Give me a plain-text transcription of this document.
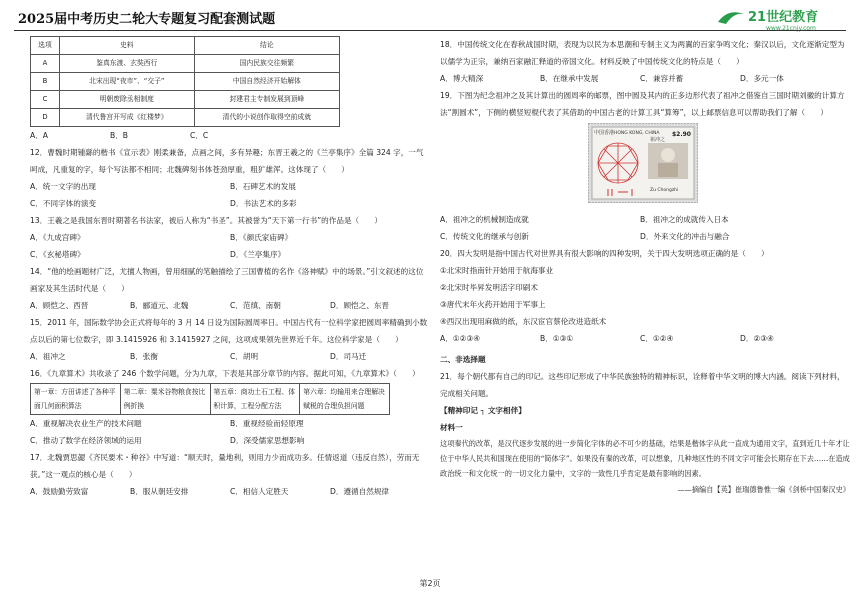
2025届中考历史二轮大专题复习配套测试题	21世纪教育
www.21cnjy.com
选项	史料	结论
A	鉴真东渡、玄奘西行	国内民族交往频繁
B	北宋出现“夜市”、“交子”	中国自然经济开始解体
C	明朝废除丞相制度	封建君主专制发展到顶峰
D	清代鲁宫开写成《红楼梦》	清代的小说创作取得空前成就
A．A	B．B	C．C

12．曹魏时期锺繇的楷书《宣示表》刚柔兼备，点画之间，多有异趣；东晋王羲之的《兰亭集序》全篇 324 字，一气呵成，凡重复的字，每个写法都不相同；北魏碑刻书体苍劲厚重，粗犷雄浑。这体现了（　　）

A．统一文字的出现	B．石碑艺术的发展
C．不同字体的演变	D．书法艺术的多彩

13．王羲之是我国东晋时期著名书法家，被后人称为“书圣”。其被誉为“天下第一行书”的作品是（　　）

A．《九成宫碑》	B．《颜氏家庙碑》
C．《玄秘塔碑》	D．《兰亭集序》

14．“他的绘画题材广泛，尤擅人物画，曾用细腻的笔触描绘了三国曹植的名作《洛神赋》中的场景。”引文叙述的这位画家及其生活时代是（　　）

A．顾恺之、西晋	B．郦道元、北魏	C．范缜、南朝	D．顾恺之、东晋

15．2011 年，国际数学协会正式将每年的 3 月 14 日设为国际圆周率日。中国古代有一位科学家把圆周率精确到小数点以后的第七位数字，即 3.1415926 和 3.1415927 之间，这项成果领先世界近千年。这位科学家是（　　）

A．祖冲之	B．张衡	C．胡明	D．司马迁

16．《九章算术》共收录了 246 个数学问题，分为九章，下表是其部分章节的内容。据此可知，《九章算术》（　　）

第一章：方田讲述了各种平面几何面积算法	第二章：粟米谷物粮食按比例折换	第五章：商功土石工程、体积计算，工程分配方法	第六章：均输用来合理解决赋税的合理负担问题
A．重视解决农业生产的技术问题	B．重视经验而轻原理
C．推动了数学在经济领域的运用	D．深受儒家思想影响

17．北魏贾思勰《齐民要术・种谷》中写道：“顺天时，量地利，则用力少而成功多。任情返道（违反自然），劳而无获。”这一观点的核心是（　　）

A．鼓励勤劳致富	B．服从朝廷安排	C．相信人定胜天	D．遵循自然规律

18．中国传统文化在春秋战国时期，表现为以民为本思潮和专制主义为两翼的百家争鸣文化；秦汉以后，文化逐渐定型为以儒学为正宗，兼纳百家融汇释道的帝国文化。材料反映了中国传统文化的特点是（　　）

A．博大精深	B．在继承中发展	C．兼容并蓄	D．多元一体

19．下图为纪念祖冲之及其计算出的圆周率的邮票，图中圆及其内的正多边形代表了祖冲之借鉴自三国时期刘徽的计算方法“割圆术”，下侧的横竖短棍代表了其借助的中国古老的计算工具“算筹”，以上邮票信息可以帮助我们了解（　　）

中国香港 HONG KONG, CHINA $2.90
祖冲之
Zu Chongzhi
A．祖冲之的机械制造成就	B．祖冲之的成就传入日本
C．传统文化的继承与创新	D．外来文化的冲击与融合

20．四大发明是指中国古代对世界具有很大影响的四种发明，关于四大发明选项正确的是（　　）

①北宋时指南针开始用于航海事业
②北宋时毕昇发明活字印刷术
③唐代末年火药开始用于军事上
④西汉出现用麻做的纸，东汉宦官蔡伦改进造纸术
A．①②③④	B．①③①	C．①②④	D．②③④
二、非选择题

21．每个朝代都有自己的印记。这些印记形成了中华民族独特的精神标识，诠释着中华文明的博大内涵。阅读下列材料，完成相关问题。

【精神印记 ┐ 文字相伴】
材料一
这项秦代的改革，是汉代逐步发展的进一步简化字体的必不可少的基础，结果是楷体字从此一直成为通用文字，直到近几十年才让位于中华人民共和国现在使用的“简体字”。如果没有秦的改革，可以想象，几种地区性的不同文字可能会长期存在下去……在造成政治统一和文化统一的一切文化力量中，文字的一致性几乎肯定是最有影响的因素。
——摘编自【英】崔瑞德鲁惟一编《剑桥中国秦汉史》
第2页
